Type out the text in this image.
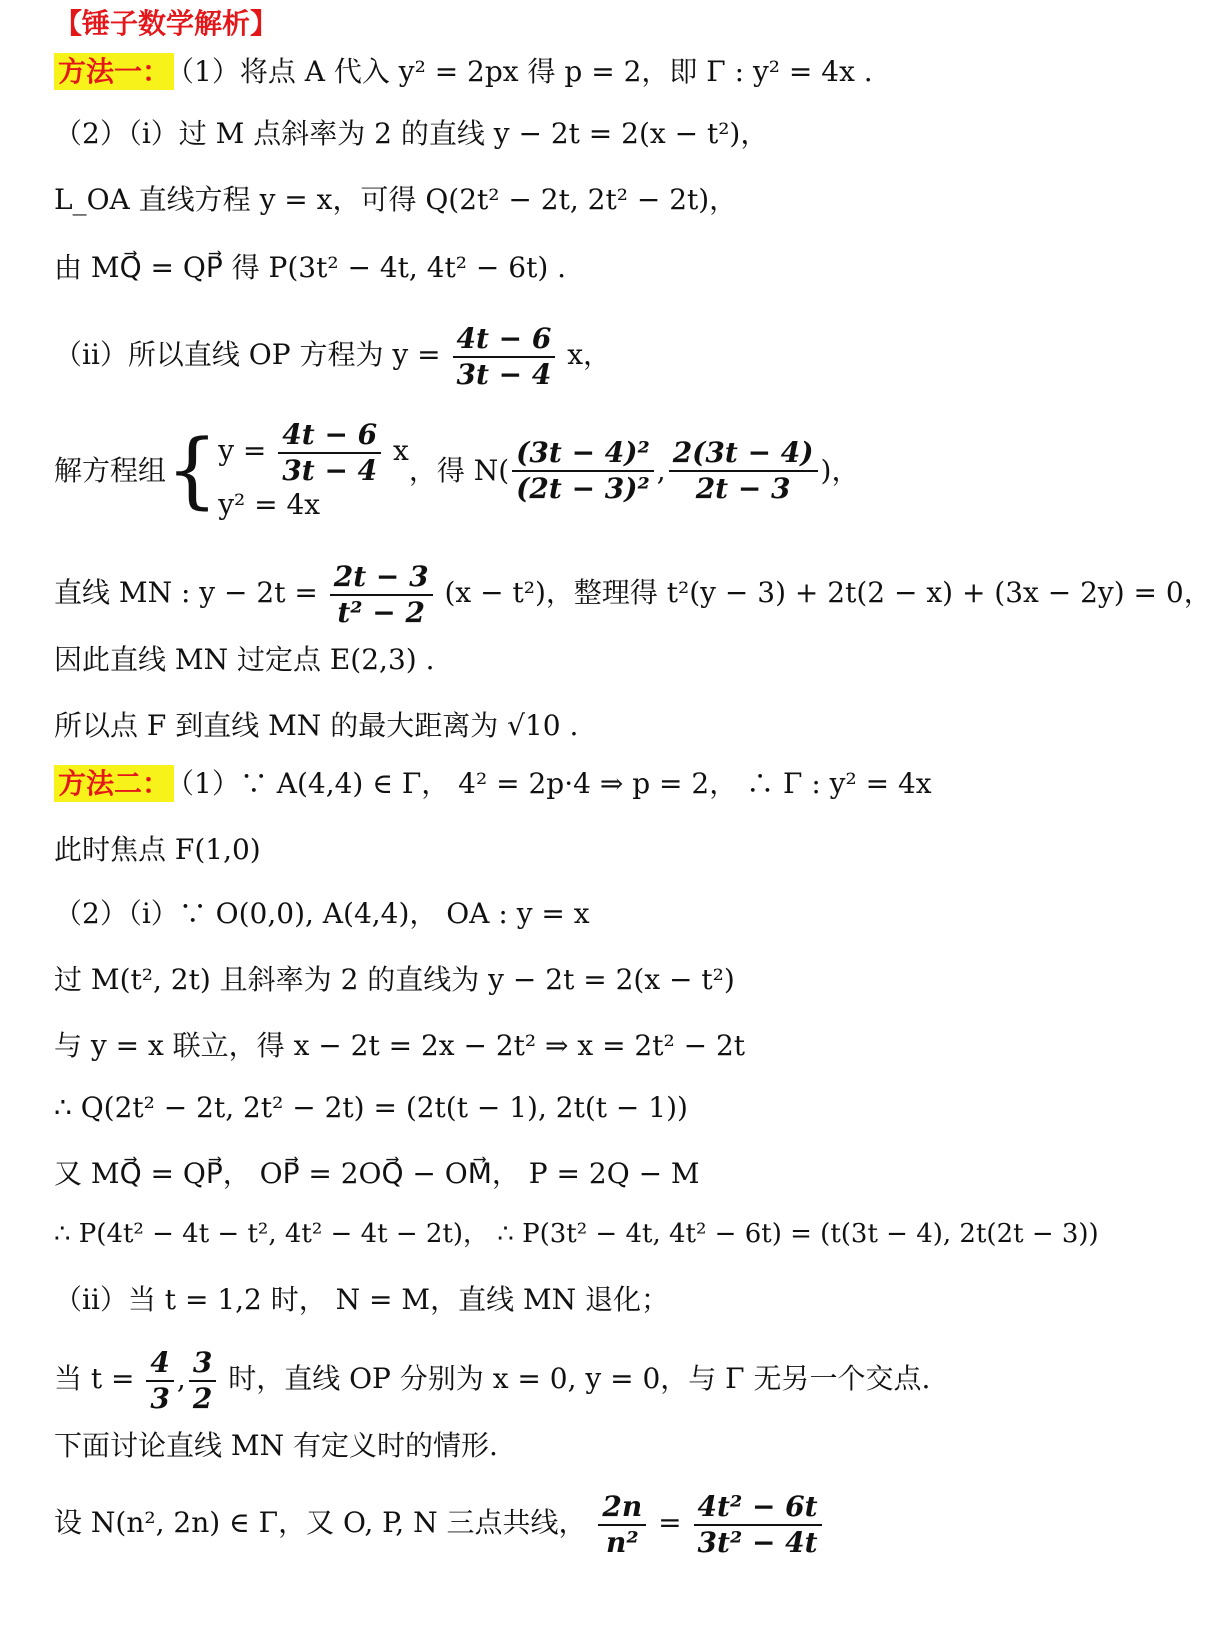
【锤子数学解析】
方法一： （1）将点 A 代入 y² = 2px 得 p = 2，即 Γ : y² = 4x .
（2）（ⅰ）过 M 点斜率为 2 的直线 y − 2t = 2(x − t²)，
L_OA 直线方程 y = x，可得 Q(2t² − 2t, 2t² − 2t)，
由 MQ⃗ = QP⃗ 得 P(3t² − 4t, 4t² − 6t) .
（ⅱ）所以直线 OP 方程为 $y = \frac{4t - 6}{3t - 4}$ x，
解方程组 { $y = \frac{4t - 6}{3t - 4}$ x
y² = 4x
，得 $N( \frac{\text{(3t − 4)²}}{\text{(2t − 3)²}}$ , $\frac{2(3t - 4)}{2t - 3}$ )，
直线 MN : $y - 2t = \frac{2t - 3}{\text{t² − 2}} (x - t^2)$，整理得 t²(y − 3) + 2t(2 − x) + (3x − 2y) = 0，
因此直线 MN 过定点 E(2,3) .
所以点 F 到直线 MN 的最大距离为 √10 .
方法二： （1）∵ A(4,4) ∈ Γ， 4² = 2p·4 ⇒ p = 2， ∴ Γ : y² = 4x
此时焦点 F(1,0)
（2）（ⅰ）∵ O(0,0), A(4,4)， OA : y = x
过 M(t², 2t) 且斜率为 2 的直线为 y − 2t = 2(x − t²)
与 y = x 联立，得 x − 2t = 2x − 2t² ⇒ x = 2t² − 2t
∴ Q(2t² − 2t, 2t² − 2t) = (2t(t − 1), 2t(t − 1))
又 MQ⃗ = QP⃗， OP⃗ = 2OQ⃗ − OM⃗， P = 2Q − M
∴ P(4t² − 4t − t², 4t² − 4t − 2t)， ∴ P(3t² − 4t, 4t² − 6t) = (t(3t − 4), 2t(2t − 3))
（ⅱ）当 t = 1,2 时， N = M，直线 MN 退化；
当 $t = \frac{4}{3}$ , $\frac{3}{2}$ 时，直线 OP 分别为 x = 0, y = 0，与 Γ 无另一个交点.
下面讨论直线 MN 有定义时的情形.
设 N(n², 2n) ∈ Γ，又 O, P, N 三点共线， $\frac{2n}{\text{n²}} = \frac{\text{4t² − 6t}}{\text{3t² − 4t}}$
